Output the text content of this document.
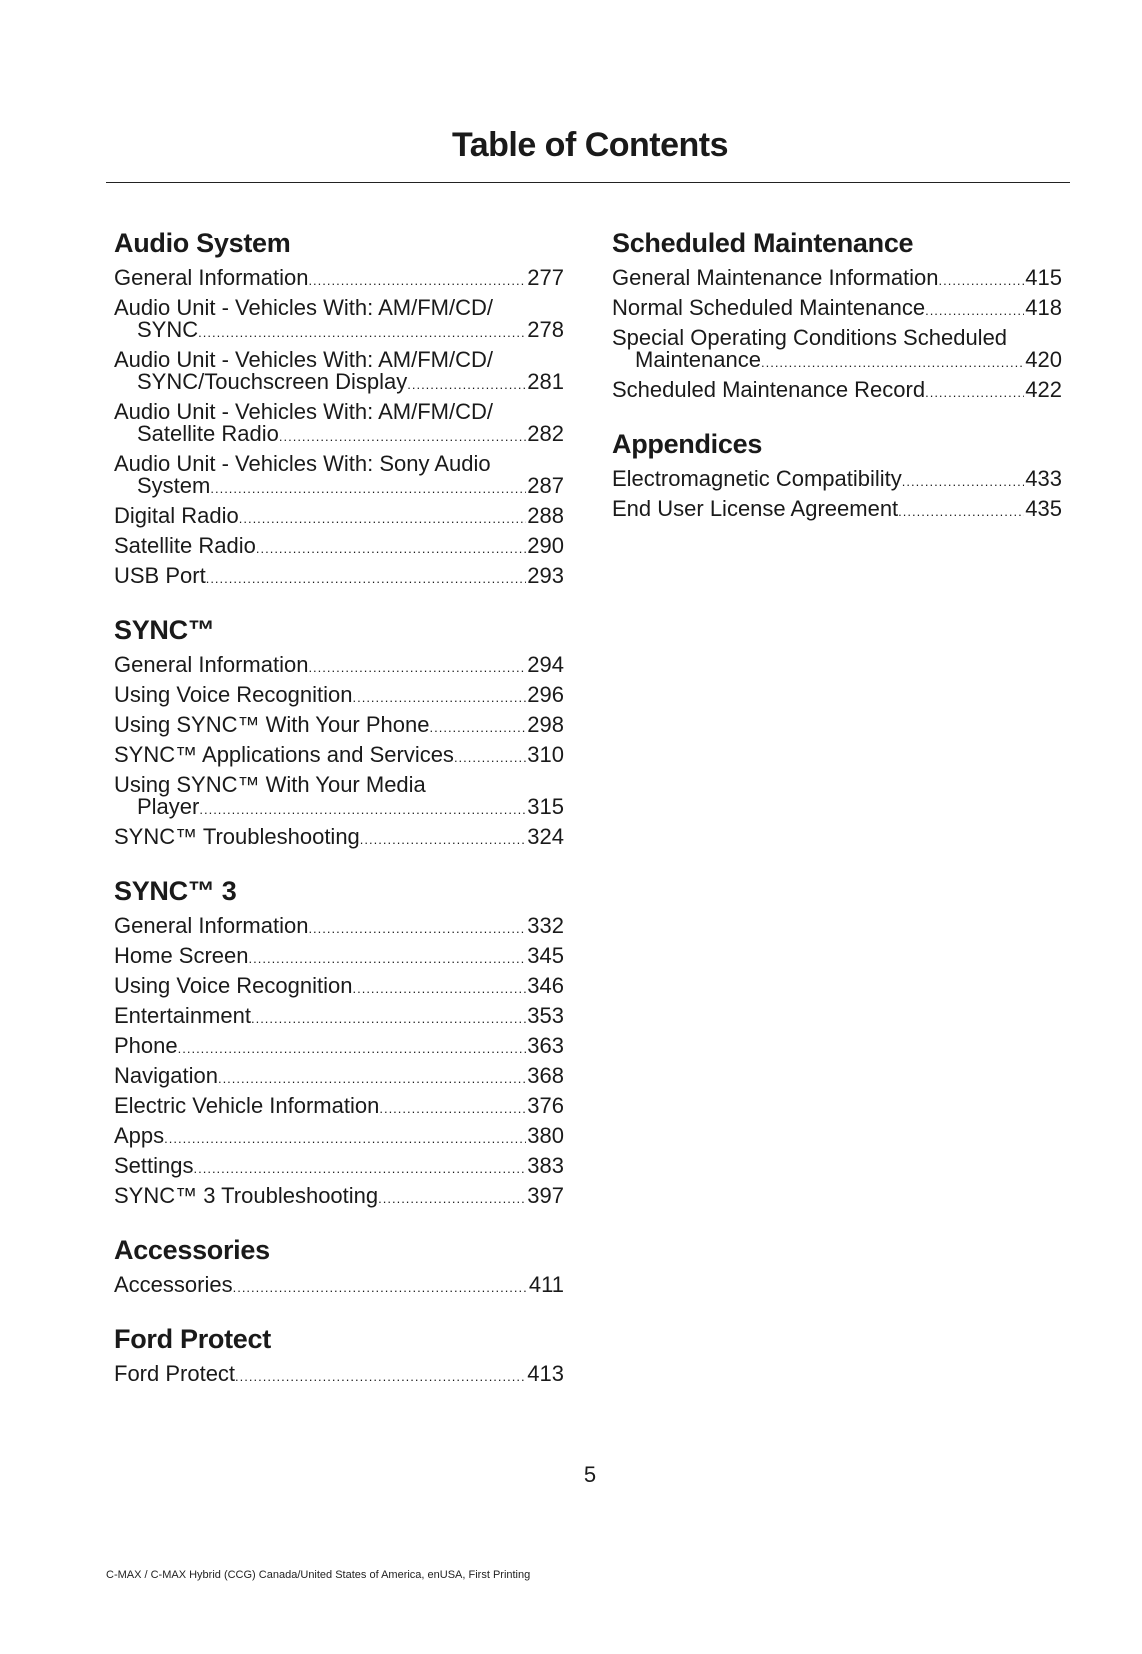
Table of Contents
Audio System
General Information .....	277
Audio Unit - Vehicles With: AM/FM/CD/
SYNC .....	278
Audio Unit - Vehicles With: AM/FM/CD/
SYNC/Touchscreen Display .....	281
Audio Unit - Vehicles With: AM/FM/CD/
Satellite Radio .....	282
Audio Unit - Vehicles With: Sony Audio
System .....	287
Digital Radio .....	288
Satellite Radio .....	290
USB Port .....	293
SYNC™
General Information .....	294
Using Voice Recognition .....	296
Using SYNC™ With Your Phone .....	298
SYNC™ Applications and Services .....	310
Using SYNC™ With Your Media
Player .....	315
SYNC™ Troubleshooting .....	324
SYNC™ 3
General Information .....	332
Home Screen .....	345
Using Voice Recognition .....	346
Entertainment .....	353
Phone .....	363
Navigation .....	368
Electric Vehicle Information .....	376
Apps .....	380
Settings .....	383
SYNC™ 3 Troubleshooting .....	397
Accessories
Accessories .....	411
Ford Protect
Ford Protect .....	413
Scheduled Maintenance
General Maintenance Information .....	415
Normal Scheduled Maintenance .....	418
Special Operating Conditions Scheduled
Maintenance .....	420
Scheduled Maintenance Record .....	422
Appendices
Electromagnetic Compatibility .....	433
End User License Agreement .....	435
5
C-MAX / C-MAX Hybrid (CCG) Canada/United States of America, enUSA, First Printing
